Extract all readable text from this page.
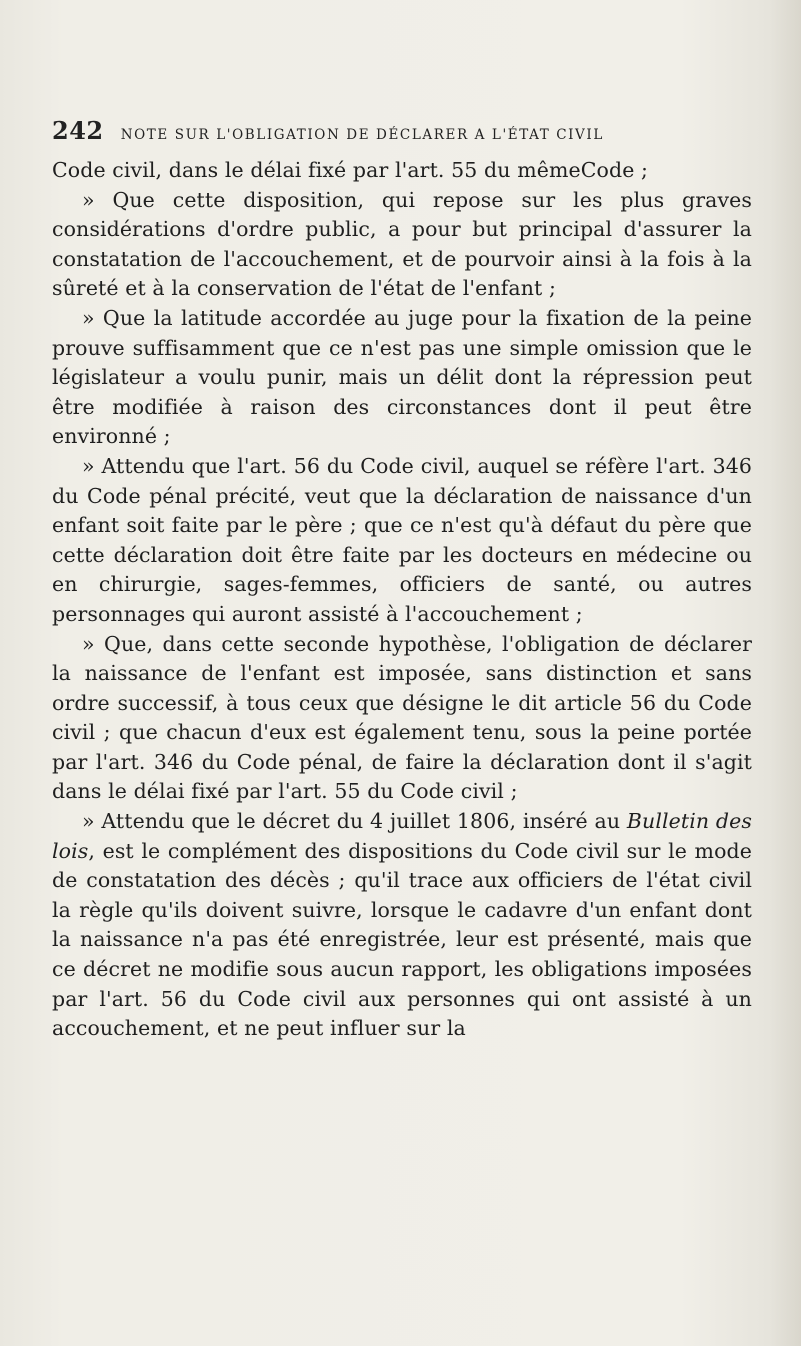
242 NOTE SUR L'OBLIGATION DE DÉCLARER A L'ÉTAT CIVIL

Code civil, dans le délai fixé par l'art. 55 du mêmeCode ;

» Que cette disposition, qui repose sur les plus graves considérations d'ordre public, a pour but principal d'assurer la constatation de l'accouchement, et de pourvoir ainsi à la fois à la sûreté et à la conservation de l'état de l'enfant ;

» Que la latitude accordée au juge pour la fixation de la peine prouve suffisamment que ce n'est pas une simple omission que le législateur a voulu punir, mais un délit dont la répression peut être modifiée à raison des circonstances dont il peut être environné ;

» Attendu que l'art. 56 du Code civil, auquel se réfère l'art. 346 du Code pénal précité, veut que la déclaration de naissance d'un enfant soit faite par le père ; que ce n'est qu'à défaut du père que cette déclaration doit être faite par les docteurs en médecine ou en chirurgie, sages-femmes, officiers de santé, ou autres personnages qui auront assisté à l'accouchement ;

» Que, dans cette seconde hypothèse, l'obligation de déclarer la naissance de l'enfant est imposée, sans distinction et sans ordre successif, à tous ceux que désigne le dit article 56 du Code civil ; que chacun d'eux est également tenu, sous la peine portée par l'art. 346 du Code pénal, de faire la déclaration dont il s'agit dans le délai fixé par l'art. 55 du Code civil ;

» Attendu que le décret du 4 juillet 1806, inséré au Bulletin des lois, est le complément des dispositions du Code civil sur le mode de constatation des décès ; qu'il trace aux officiers de l'état civil la règle qu'ils doivent suivre, lorsque le cadavre d'un enfant dont la naissance n'a pas été enregistrée, leur est présenté, mais que ce décret ne modifie sous aucun rapport, les obligations imposées par l'art. 56 du Code civil aux personnes qui ont assisté à un accouchement, et ne peut influer sur la
